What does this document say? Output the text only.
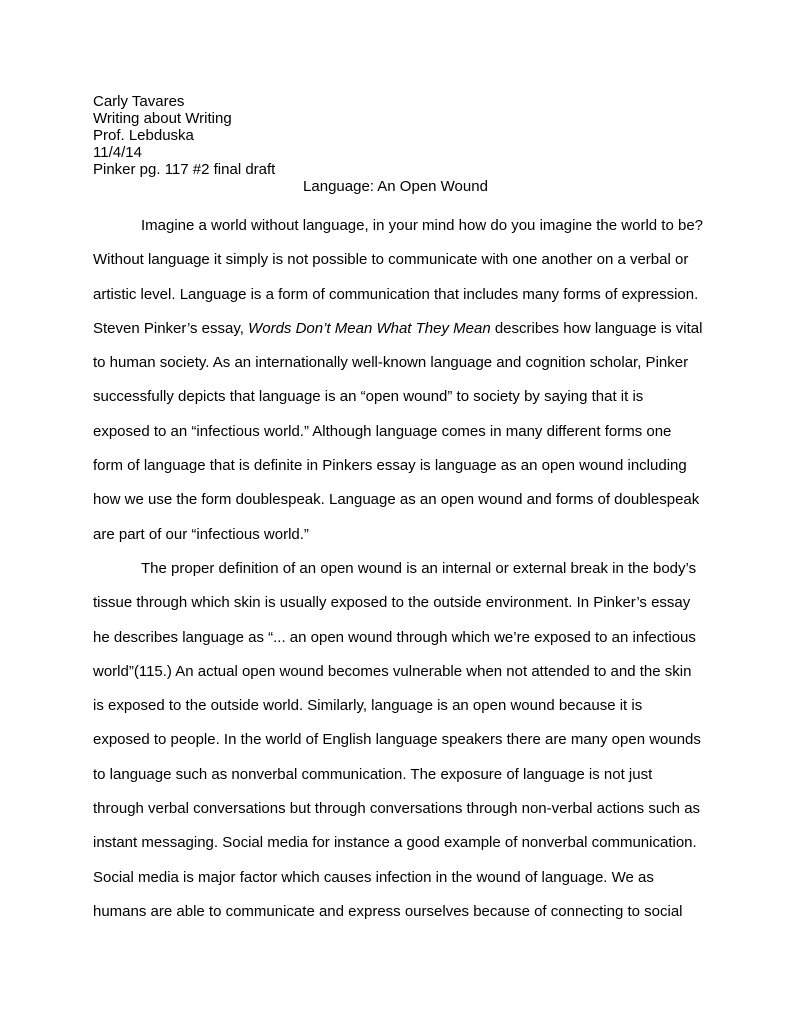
Carly Tavares
Writing about Writing
Prof. Lebduska
11/4/14
Pinker pg. 117 #2 final draft
Language: An Open Wound
Imagine a world without language, in your mind how do you imagine the world to be?
Without language it simply is not possible to communicate with one another on a verbal or
artistic level. Language is a form of communication that includes many forms of expression.
Steven Pinker’s essay, Words Don’t Mean What They Mean describes how language is vital
to human society. As an internationally well-known language and cognition scholar, Pinker
successfully depicts that language is an “open wound” to society by saying that it is
exposed to an “infectious world.” Although language comes in many different forms one
form of language that is definite in Pinkers essay is language as an open wound including
how we use the form doublespeak. Language as an open wound and forms of doublespeak
are part of our “infectious world.”
The proper definition of an open wound is an internal or external break in the body’s
tissue through which skin is usually exposed to the outside environment. In Pinker’s essay
he describes language as “... an open wound through which we’re exposed to an infectious
world”(115.) An actual open wound becomes vulnerable when not attended to and the skin
is exposed to the outside world. Similarly, language is an open wound because it is
exposed to people. In the world of English language speakers there are many open wounds
to language such as nonverbal communication. The exposure of language is not just
through verbal conversations but through conversations through non-verbal actions such as
instant messaging. Social media for instance a good example of nonverbal communication.
Social media is major factor which causes infection in the wound of language. We as
humans are able to communicate and express ourselves because of connecting to social
